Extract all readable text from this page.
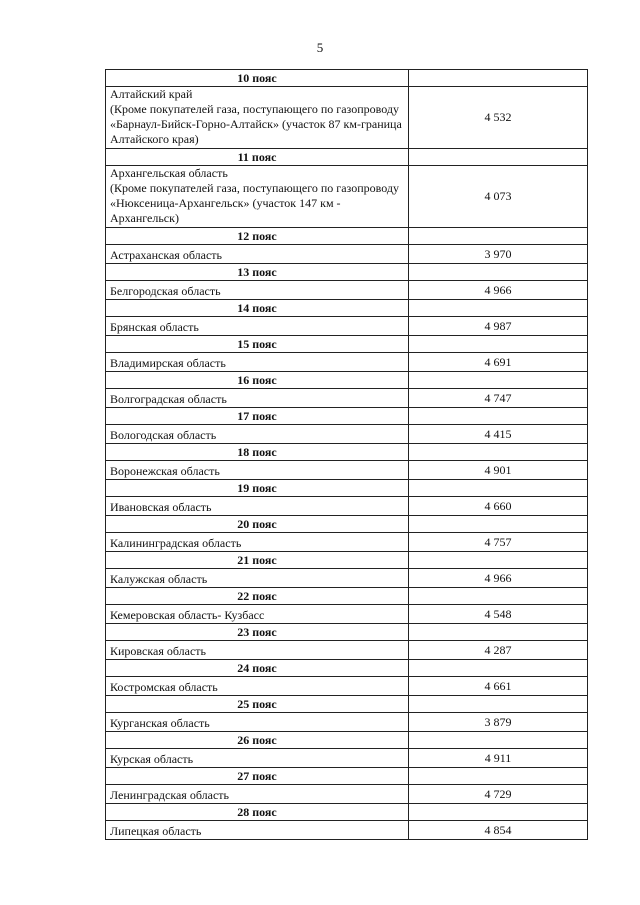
5
10 пояс	
Алтайский край
(Кроме покупателей газа, поступающего по газопроводу «Барнаул-Бийск-Горно-Алтайск» (участок 87 км-граница Алтайского края)	4 532
11 пояс	
Архангельская область
(Кроме покупателей газа, поступающего по газопроводу «Нюксеница-Архангельск» (участок 147 км - Архангельск)	4 073
12 пояс	
Астраханская область	3 970
13 пояс	
Белгородская область	4 966
14 пояс	
Брянская область	4 987
15 пояс	
Владимирская область	4 691
16 пояс	
Волгоградская область	4 747
17 пояс	
Вологодская область	4 415
18 пояс	
Воронежская область	4 901
19 пояс	
Ивановская область	4 660
20 пояс	
Калининградская область	4 757
21 пояс	
Калужская область	4 966
22 пояс	
Кемеровская область- Кузбасс	4 548
23 пояс	
Кировская область	4 287
24 пояс	
Костромская область	4 661
25 пояс	
Курганская область	3 879
26 пояс	
Курская область	4 911
27 пояс	
Ленинградская область	4 729
28 пояс	
Липецкая область	4 854
